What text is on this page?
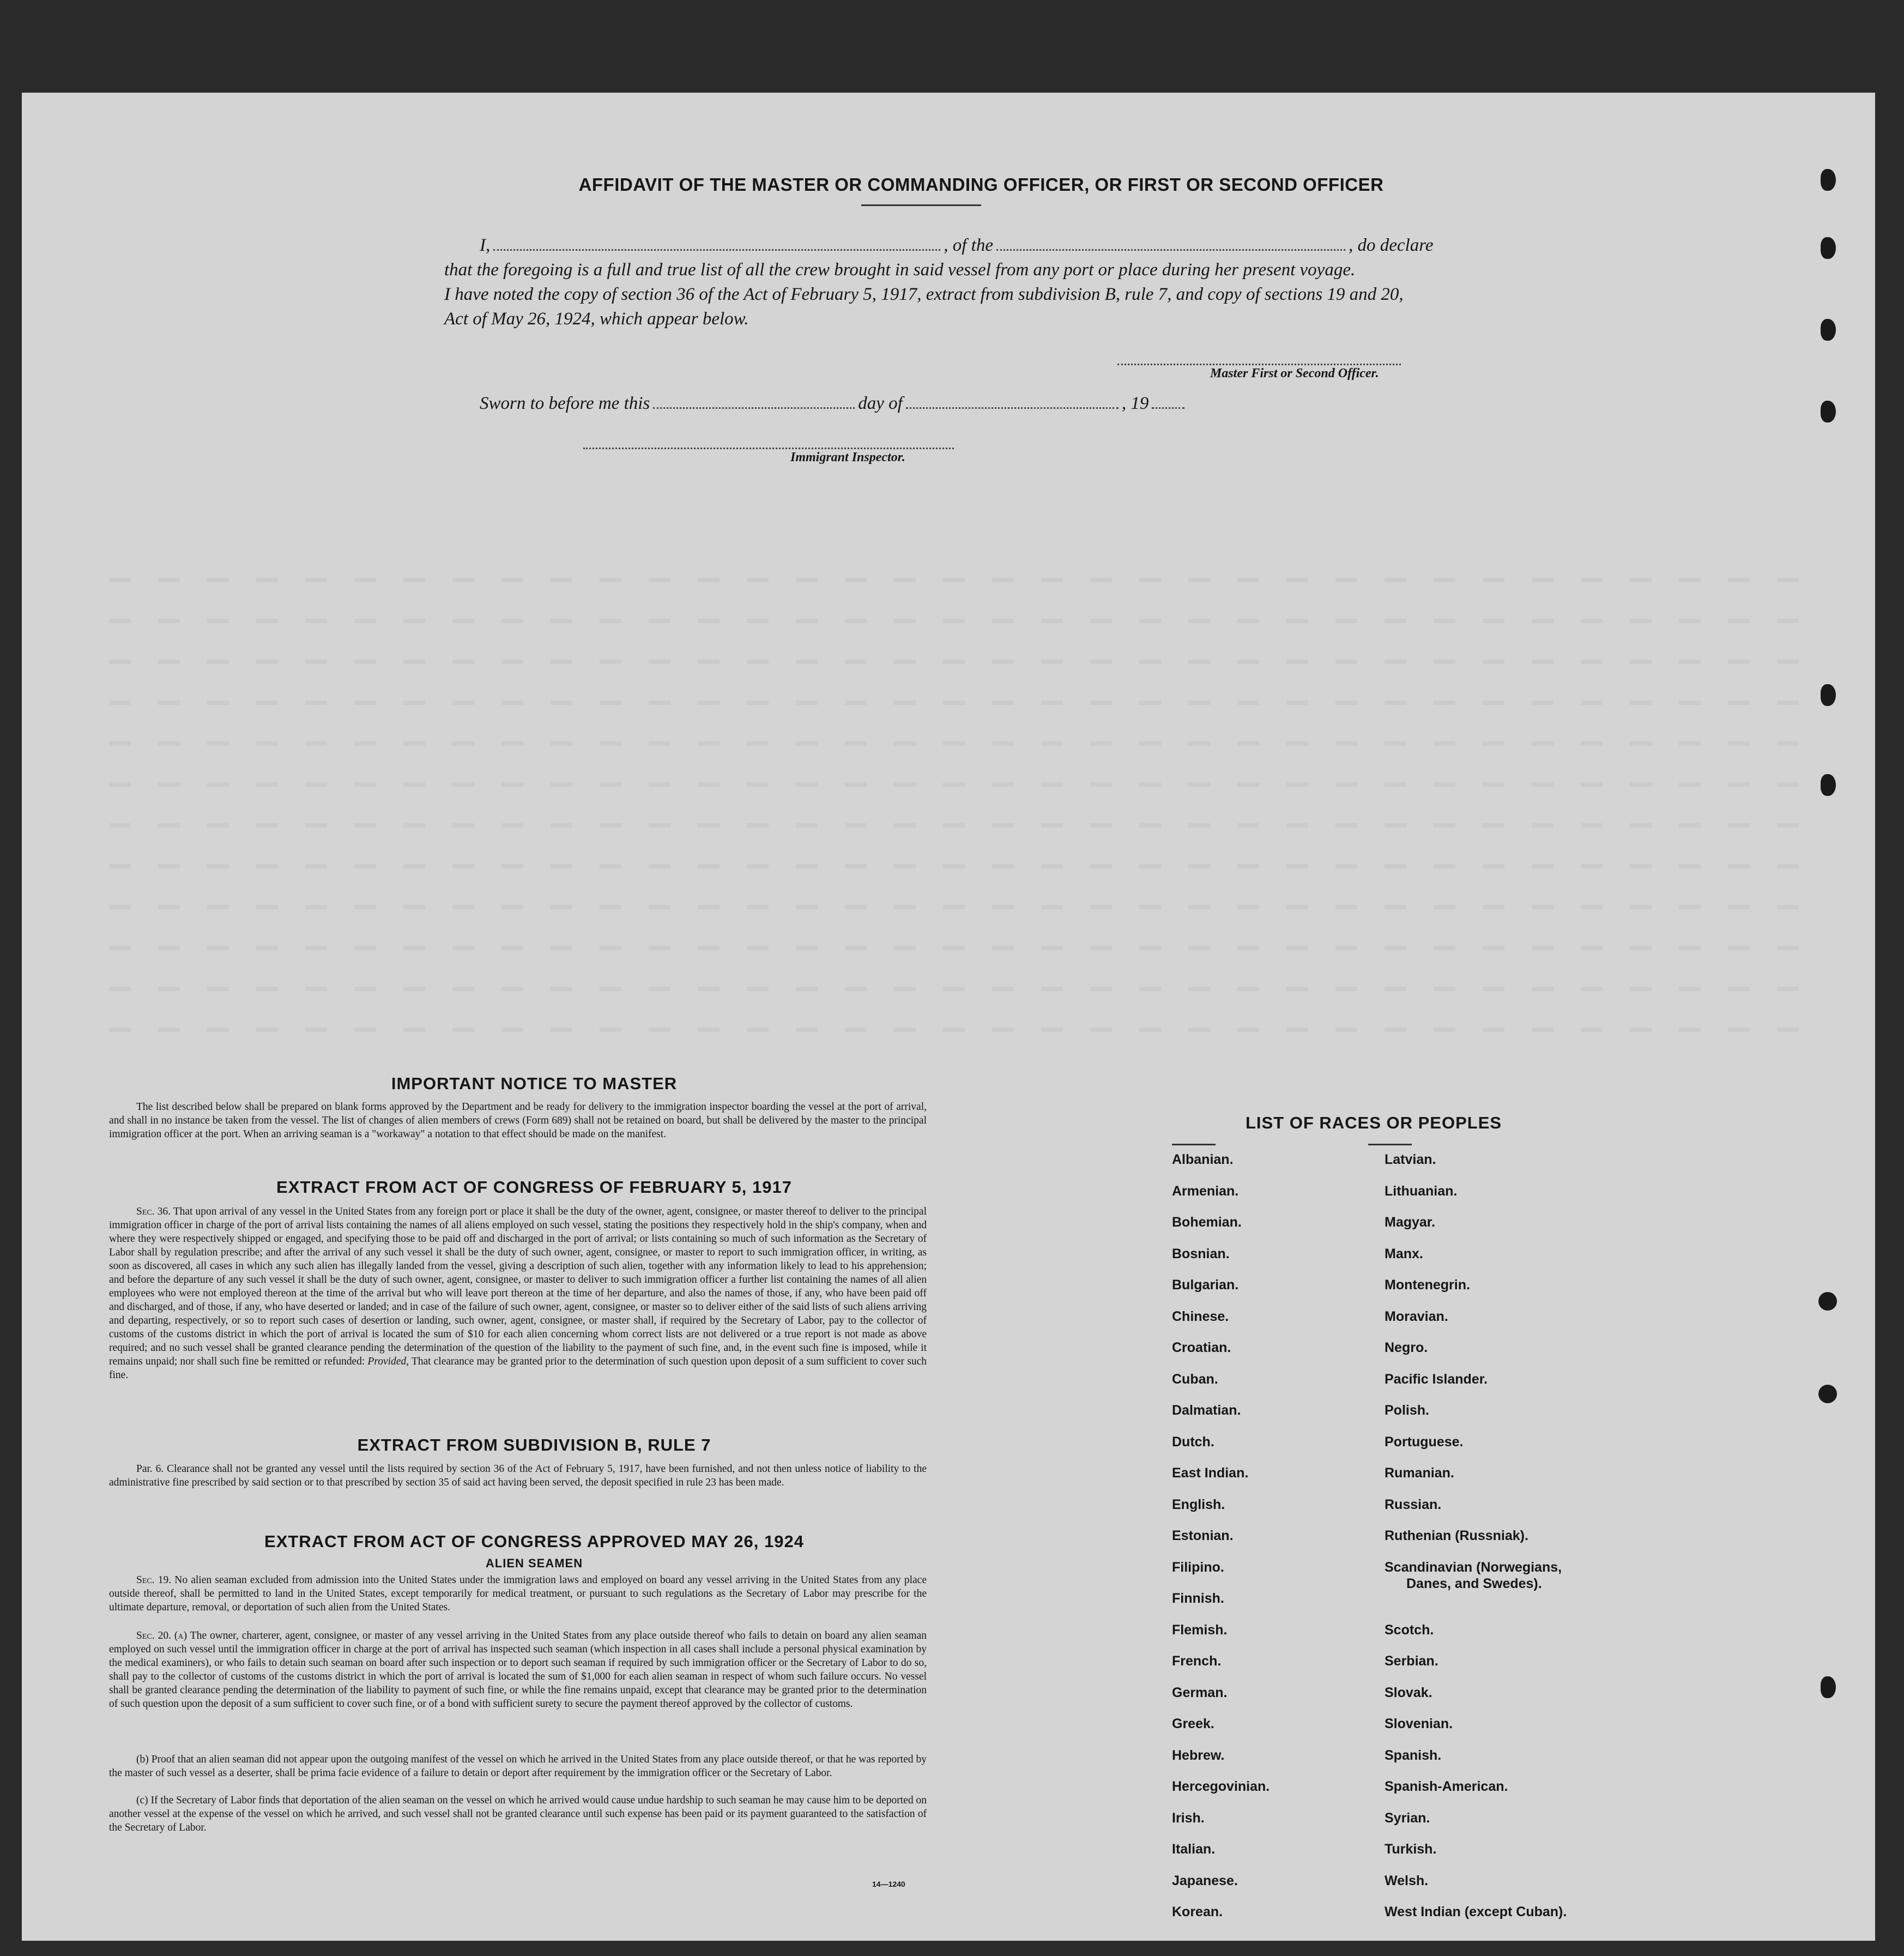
AFFIDAVIT OF THE MASTER OR COMMANDING OFFICER, OR FIRST OR SECOND OFFICER
I,	, of the	, do declare
that the foregoing is a full and true list of all the crew brought in said vessel from any port or place during her present voyage.
I have noted the copy of section 36 of the Act of February 5, 1917, extract from subdivision B, rule 7, and copy of sections 19 and 20,
Act of May 26, 1924, which appear below.
Master First or Second Officer.
Sworn to before me this	day of	, 19
Immigrant Inspector.
IMPORTANT NOTICE TO MASTER
The list described below shall be prepared on blank forms approved by the Department and be ready for delivery to the immigration inspector boarding the vessel at the port of arrival, and shall in no instance be taken from the vessel. The list of changes of alien members of crews (Form 689) shall not be retained on board, but shall be delivered by the master to the principal immigration officer at the port. When an arriving seaman is a "workaway" a notation to that effect should be made on the manifest.
EXTRACT FROM ACT OF CONGRESS OF FEBRUARY 5, 1917
Sec. 36. That upon arrival of any vessel in the United States from any foreign port or place it shall be the duty of the owner, agent, consignee, or master thereof to deliver to the principal immigration officer in charge of the port of arrival lists containing the names of all aliens employed on such vessel, stating the positions they respectively hold in the ship's company, when and where they were respectively shipped or engaged, and specifying those to be paid off and discharged in the port of arrival; or lists containing so much of such information as the Secretary of Labor shall by regulation prescribe; and after the arrival of any such vessel it shall be the duty of such owner, agent, consignee, or master to report to such immigration officer, in writing, as soon as discovered, all cases in which any such alien has illegally landed from the vessel, giving a description of such alien, together with any information likely to lead to his apprehension; and before the departure of any such vessel it shall be the duty of such owner, agent, consignee, or master to deliver to such immigration officer a further list containing the names of all alien employees who were not employed thereon at the time of the arrival but who will leave port thereon at the time of her departure, and also the names of those, if any, who have been paid off and discharged, and of those, if any, who have deserted or landed; and in case of the failure of such owner, agent, consignee, or master so to deliver either of the said lists of such aliens arriving and departing, respectively, or so to report such cases of desertion or landing, such owner, agent, consignee, or master shall, if required by the Secretary of Labor, pay to the collector of customs of the customs district in which the port of arrival is located the sum of $10 for each alien concerning whom correct lists are not delivered or a true report is not made as above required; and no such vessel shall be granted clearance pending the determination of the question of the liability to the payment of such fine, and, in the event such fine is imposed, while it remains unpaid; nor shall such fine be remitted or refunded: Provided, That clearance may be granted prior to the determination of such question upon deposit of a sum sufficient to cover such fine.
EXTRACT FROM SUBDIVISION B, RULE 7
Par. 6. Clearance shall not be granted any vessel until the lists required by section 36 of the Act of February 5, 1917, have been furnished, and not then unless notice of liability to the administrative fine prescribed by said section or to that prescribed by section 35 of said act having been served, the deposit specified in rule 23 has been made.
EXTRACT FROM ACT OF CONGRESS APPROVED MAY 26, 1924
ALIEN SEAMEN
Sec. 19. No alien seaman excluded from admission into the United States under the immigration laws and employed on board any vessel arriving in the United States from any place outside thereof, shall be permitted to land in the United States, except temporarily for medical treatment, or pursuant to such regulations as the Secretary of Labor may prescribe for the ultimate departure, removal, or deportation of such alien from the United States.
Sec. 20. (a) The owner, charterer, agent, consignee, or master of any vessel arriving in the United States from any place outside thereof who fails to detain on board any alien seaman employed on such vessel until the immigration officer in charge at the port of arrival has inspected such seaman (which inspection in all cases shall include a personal physical examination by the medical examiners), or who fails to detain such seaman on board after such inspection or to deport such seaman if required by such immigration officer or the Secretary of Labor to do so, shall pay to the collector of customs of the customs district in which the port of arrival is located the sum of $1,000 for each alien seaman in respect of whom such failure occurs. No vessel shall be granted clearance pending the determination of the liability to payment of such fine, or while the fine remains unpaid, except that clearance may be granted prior to the determination of such question upon the deposit of a sum sufficient to cover such fine, or of a bond with sufficient surety to secure the payment thereof approved by the collector of customs.
(b) Proof that an alien seaman did not appear upon the outgoing manifest of the vessel on which he arrived in the United States from any place outside thereof, or that he was reported by the master of such vessel as a deserter, shall be prima facie evidence of a failure to detain or deport after requirement by the immigration officer or the Secretary of Labor.
(c) If the Secretary of Labor finds that deportation of the alien seaman on the vessel on which he arrived would cause undue hardship to such seaman he may cause him to be deported on another vessel at the expense of the vessel on which he arrived, and such vessel shall not be granted clearance until such expense has been paid or its payment guaranteed to the satisfaction of the Secretary of Labor.
14—1240
LIST OF RACES OR PEOPLES
Albanian.
Armenian.
Bohemian.
Bosnian.
Bulgarian.
Chinese.
Croatian.
Cuban.
Dalmatian.
Dutch.
East Indian.
English.
Estonian.
Filipino.
Finnish.
Flemish.
French.
German.
Greek.
Hebrew.
Hercegovinian.
Irish.
Italian.
Japanese.
Korean.
Latvian.
Lithuanian.
Magyar.
Manx.
Montenegrin.
Moravian.
Negro.
Pacific Islander.
Polish.
Portuguese.
Rumanian.
Russian.
Ruthenian (Russniak).
Scandinavian (Norwegians,
Danes, and Swedes).
Scotch.
Serbian.
Slovak.
Slovenian.
Spanish.
Spanish-American.
Syrian.
Turkish.
Welsh.
West Indian (except Cuban).
